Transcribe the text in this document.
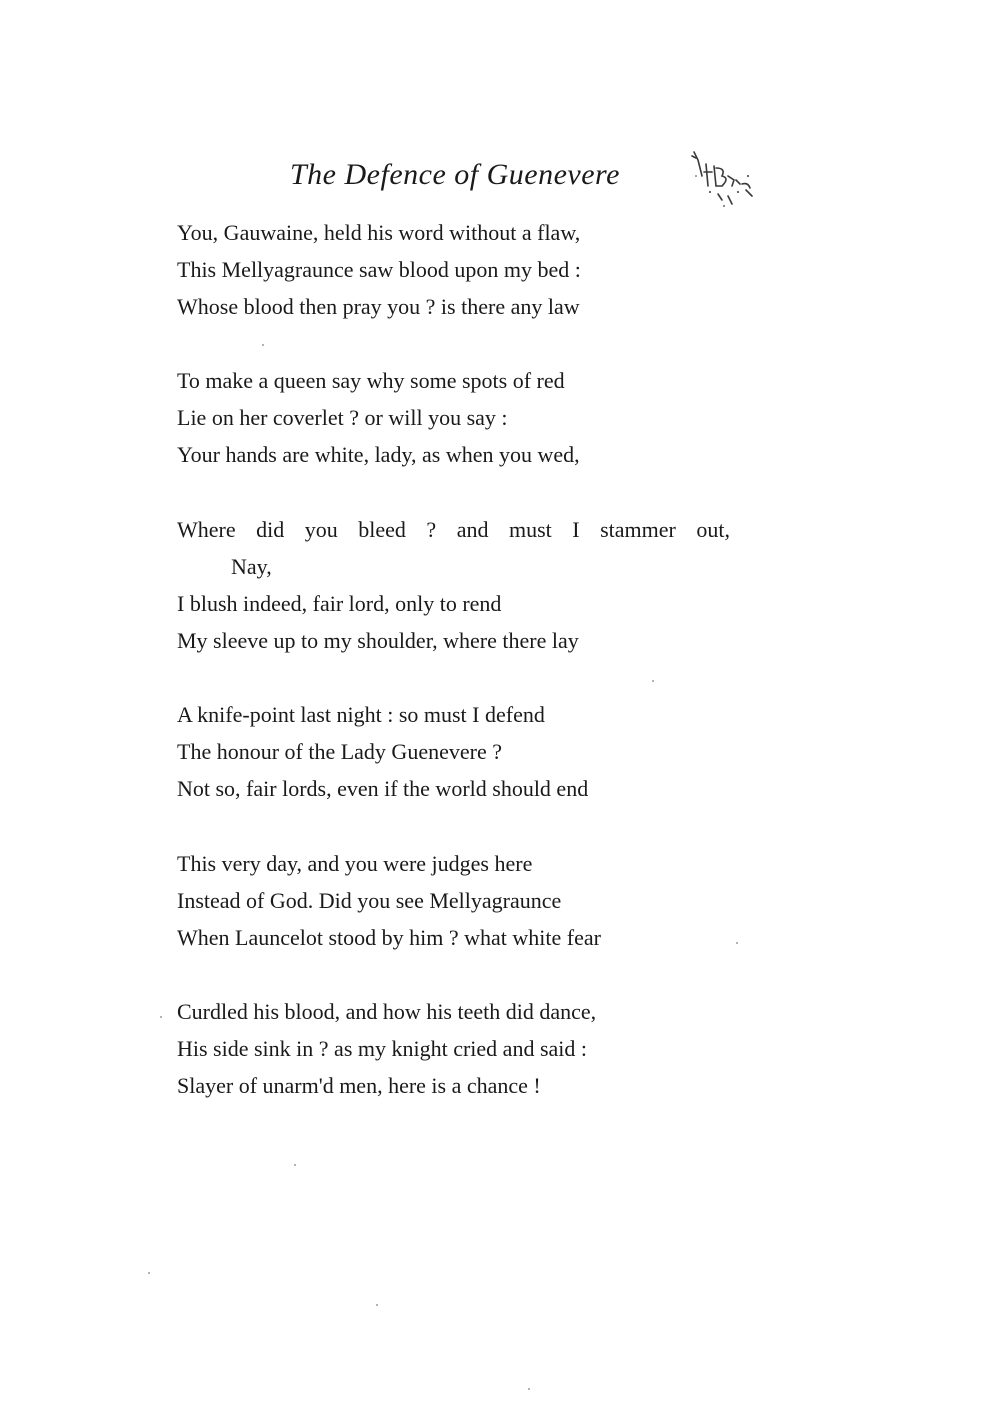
The Defence of Guenevere
You, Gauwaine, held his word without a flaw,
This Mellyagraunce saw blood upon my bed :
Whose blood then pray you ? is there any law
To make a queen say why some spots of red
Lie on her coverlet ? or will you say :
Your hands are white, lady, as when you wed,
Where did you bleed ? and must I stammer out,
Nay,
I blush indeed, fair lord, only to rend
My sleeve up to my shoulder, where there lay
A knife-point last night : so must I defend
The honour of the Lady Guenevere ?
Not so, fair lords, even if the world should end
This very day, and you were judges here
Instead of God. Did you see Mellyagraunce
When Launcelot stood by him ? what white fear
Curdled his blood, and how his teeth did dance,
His side sink in ? as my knight cried and said :
Slayer of unarm'd men, here is a chance !
